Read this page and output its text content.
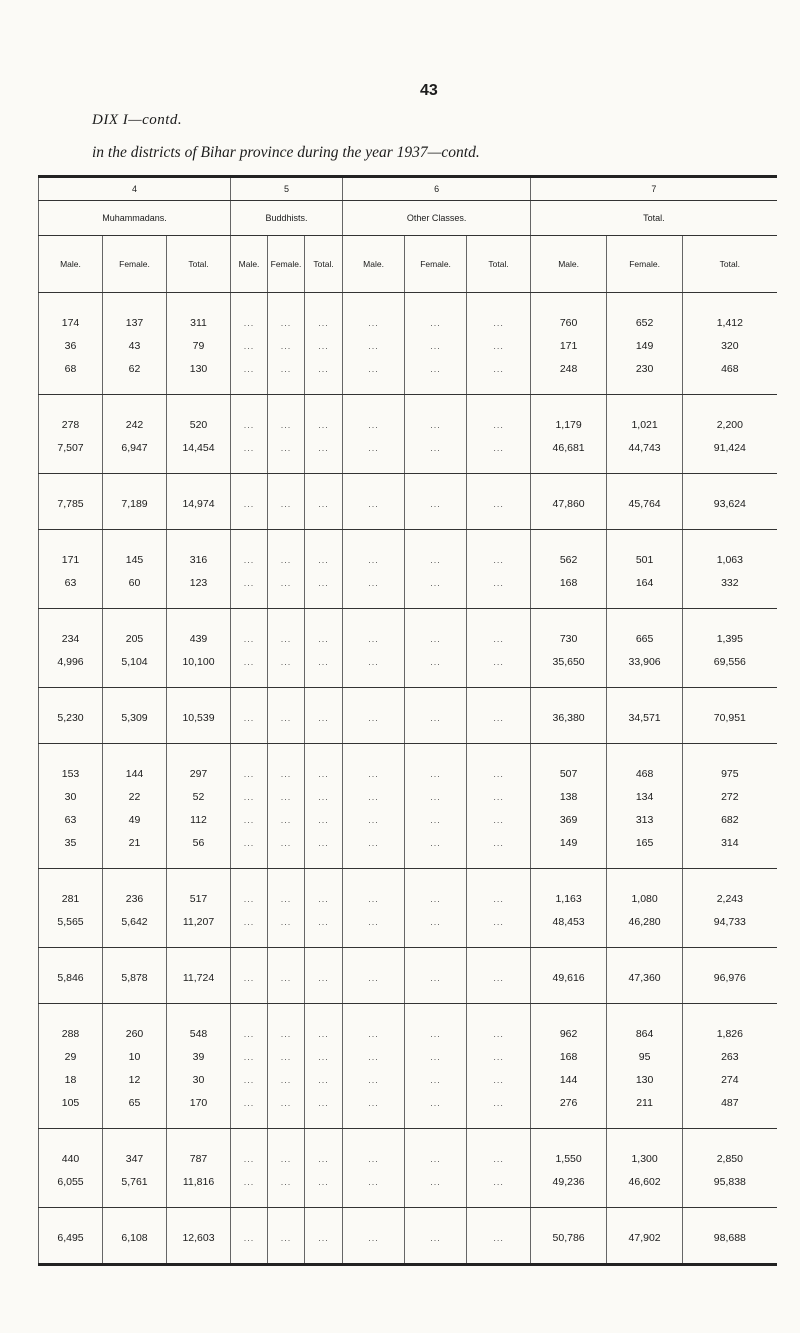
43
DIX I—contd.
in the districts of Bihar province during the year 1937—contd.
4			5			6			7		
Muhammadans.			Buddhists.			Other Classes.			Total.		
Male.	Female.	Total.	Male.	Female.	Total.	Male.	Female.	Total.	Male.	Female.	Total.
174	137	311	...	...	...	...	...	...	760	652	1,412
36	43	79	...	...	...	...	...	...	171	149	320
68	62	130	...	...	...	...	...	...	248	230	468
278	242	520	...	...	...	...	...	...	1,179	1,021	2,200
7,507	6,947	14,454	...	...	...	...	...	...	46,681	44,743	91,424
7,785	7,189	14,974	...	...	...	...	...	...	47,860	45,764	93,624
171	145	316	...	...	...	...	...	...	562	501	1,063
63	60	123	...	...	...	...	...	...	168	164	332
234	205	439	...	...	...	...	...	...	730	665	1,395
4,996	5,104	10,100	...	...	...	...	...	...	35,650	33,906	69,556
5,230	5,309	10,539	...	...	...	...	...	...	36,380	34,571	70,951
153	144	297	...	...	...	...	...	...	507	468	975
30	22	52	...	...	...	...	...	...	138	134	272
63	49	112	...	...	...	...	...	...	369	313	682
35	21	56	...	...	...	...	...	...	149	165	314
281	236	517	...	...	...	...	...	...	1,163	1,080	2,243
5,565	5,642	11,207	...	...	...	...	...	...	48,453	46,280	94,733
5,846	5,878	11,724	...	...	...	...	...	...	49,616	47,360	96,976
288	260	548	...	...	...	...	...	...	962	864	1,826
29	10	39	...	...	...	...	...	...	168	95	263
18	12	30	...	...	...	...	...	...	144	130	274
105	65	170	...	...	...	...	...	...	276	211	487
440	347	787	...	...	...	...	...	...	1,550	1,300	2,850
6,055	5,761	11,816	...	...	...	...	...	...	49,236	46,602	95,838
6,495	6,108	12,603	...	...	...	...	...	...	50,786	47,902	98,688
